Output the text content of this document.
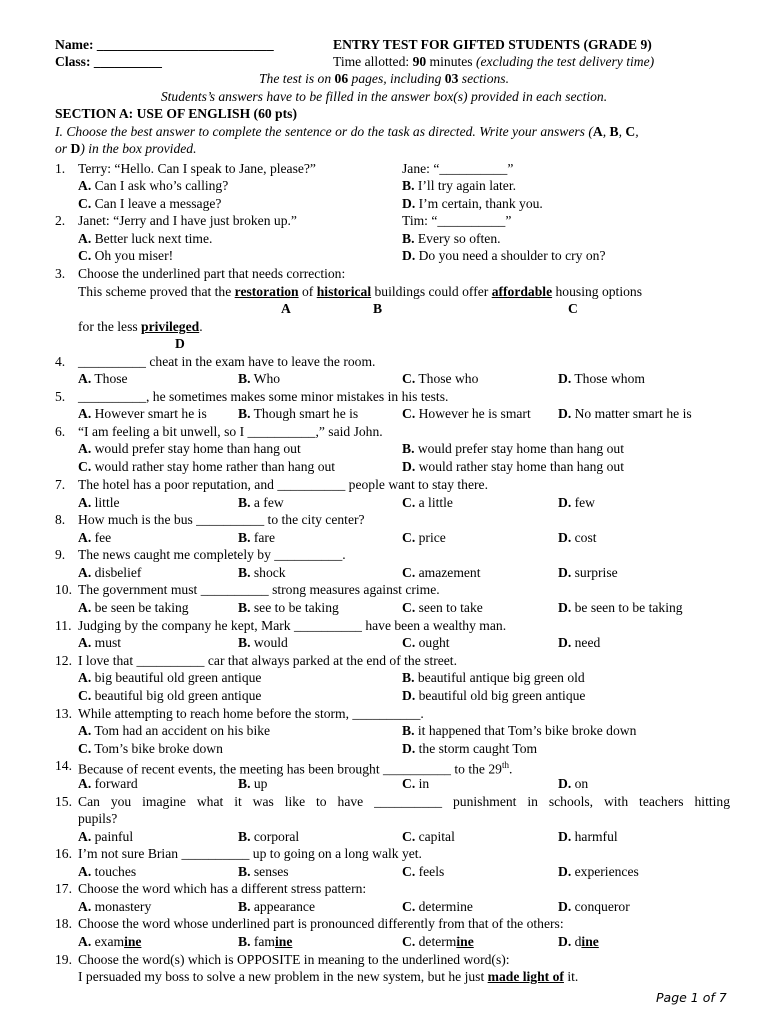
Name: __________________________	ENTRY TEST FOR GIFTED STUDENTS (GRADE 9)
Class: __________	Time allotted: 90 minutes (excluding the test delivery time)
The test is on 06 pages, including 03 sections.
Students’s answers have to be filled in the answer box(s) provided in each section.
SECTION A: USE OF ENGLISH (60 pts)
I. Choose the best answer to complete the sentence or do the task as directed. Write your answers (A, B, C,
or D) in the box provided.
1. Terry: “Hello. Can I speak to Jane, please?”	Jane: “__________”
A. Can I ask who’s calling?	B. I’ll try again later.
C. Can I leave a message?	D. I’m certain, thank you.
2. Janet: “Jerry and I have just broken up.”	Tim: “__________”
A. Better luck next time.	B. Every so often.
C. Oh you miser!	D. Do you need a shoulder to cry on?
3. Choose the underlined part that needs correction:
This scheme proved that the restoration of historical buildings could offer affordable housing options
A	B	C
for the less privileged.
D
4. __________ cheat in the exam have to leave the room.
A. Those	B. Who	C. Those who	D. Those whom
5. __________, he sometimes makes some minor mistakes in his tests.
A. However smart he is B. Though smart he is	C. However he is smart D. No matter smart he is
6. “I am feeling a bit unwell, so I __________,” said John.
A. would prefer stay home than hang out	B. would prefer stay home than hang out
C. would rather stay home rather than hang out	D. would rather stay home than hang out
7. The hotel has a poor reputation, and __________ people want to stay there.
A. little	B. a few	C. a little	D. few
8. How much is the bus __________ to the city center?
A. fee	B. fare	C. price	D. cost
9. The news caught me completely by __________.
A. disbelief	B. shock	C. amazement	D. surprise
10. The government must __________ strong measures against crime.
A. be seen be taking	B. see to be taking	C. seen to take	D. be seen to be taking
11. Judging by the company he kept, Mark __________ have been a wealthy man.
A. must	B. would	C. ought	D. need
12. I love that __________ car that always parked at the end of the street.
A. big beautiful old green antique	B. beautiful antique big green old
C. beautiful big old green antique	D. beautiful old big green antique
13. While attempting to reach home before the storm, __________.
A. Tom had an accident on his bike	B. it happened that Tom’s bike broke down
C. Tom’s bike broke down	D. the storm caught Tom
14. Because of recent events, the meeting has been brought __________ to the 29th.
A. forward	B. up	C. in	D. on
15. Can you imagine what it was like to have __________ punishment in schools, with teachers hitting
pupils?
A. painful	B. corporal	C. capital	D. harmful
16. I’m not sure Brian __________ up to going on a long walk yet.
A. touches	B. senses	C. feels	D. experiences
17. Choose the word which has a different stress pattern:
A. monastery	B. appearance	C. determine	D. conqueror
18. Choose the word whose underlined part is pronounced differently from that of the others:
A. examine	B. famine	C. determine	D. dine
19. Choose the word(s) which is OPPOSITE in meaning to the underlined word(s):
I persuaded my boss to solve a new problem in the new system, but he just made light of it.
Page 1 of 7
